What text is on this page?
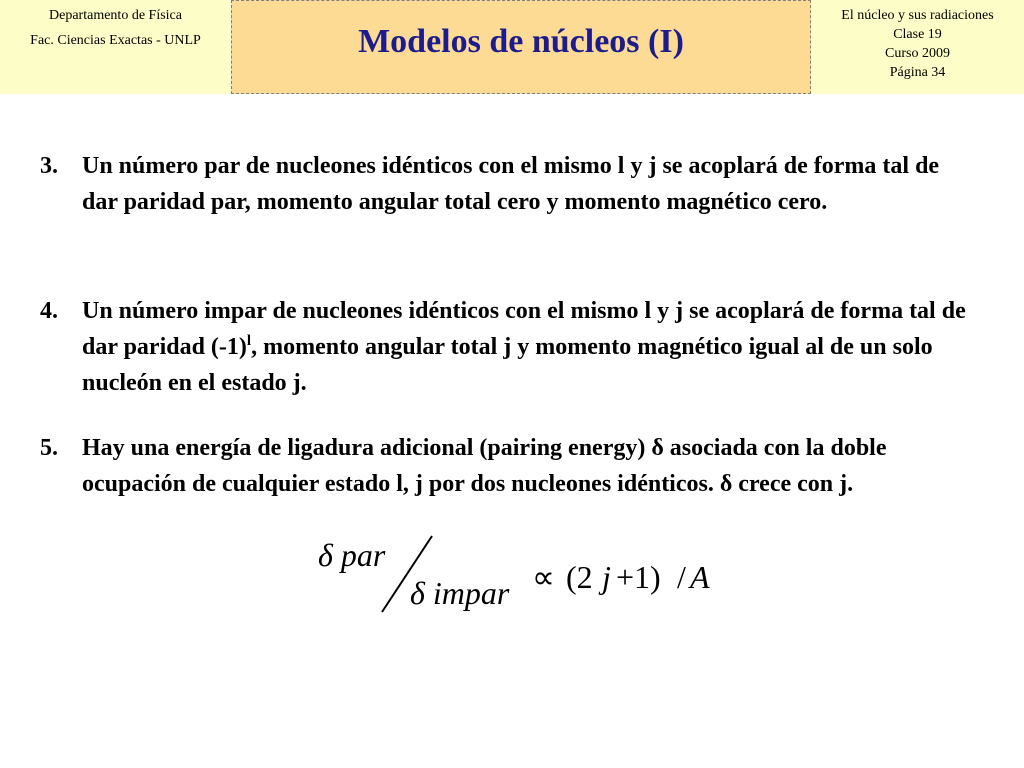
Departamento de Física
Fac. Ciencias Exactas - UNLP	Modelos de núcleos (I)
El núcleo y sus radiaciones
Clase 19
Curso 2009
Página 34
3. Un número par de nucleones idénticos con el mismo l y j se acoplará de forma tal de dar paridad par, momento angular total cero y momento magnético cero.
4. Un número impar de nucleones idénticos con el mismo l y j se acoplará de forma tal de dar paridad $(-1)^l$, momento angular total j y momento magnético igual al de un solo nucleón en el estado j.
5. Hay una energía de ligadura adicional (pairing energy) δ asociada con la doble ocupación de cualquier estado l, j por dos nucleones idénticos. δ crece con j.
δ par
δ impar ∝ (2 j +1) / A
